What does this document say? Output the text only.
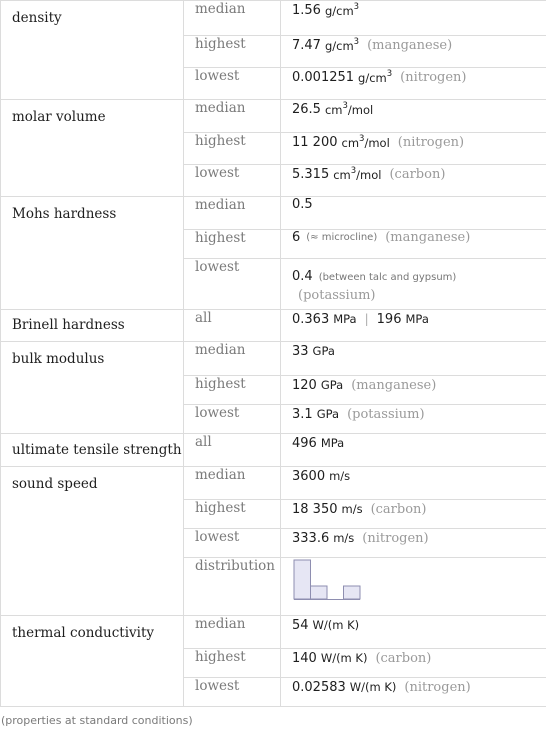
density	median	1.56
$g/cm^3$

highest	7.47
$g/cm^3$ (manganese)

lowest	0.001251
$g/cm^3$ (nitrogen)

molar volume	median	26.5
$cm^3$/mol

highest	11 200
$cm^3$/mol (nitrogen)

lowest	5.315
$cm^3$/mol (carbon)

Mohs hardness	median	0.5

highest	6 (≈ microcline) (manganese)

lowest	0.4 (between talc and gypsum)
(potassium)

Brinell hardness	all	0.363
MPa | 196
MPa

bulk modulus	median	33
GPa

highest	120
GPa (manganese)

lowest	3.1
GPa (potassium)

ultimate tensile strength	all	496
MPa

sound speed	median	3600
m/s

highest	18 350
m/s (carbon)

lowest	333.6
m/s (nitrogen)

distribution

thermal conductivity	median	54
W/(m K)

highest	140
W/(m K) (carbon)

lowest	0.02583
W/(m K) (nitrogen)
(properties at standard conditions)
